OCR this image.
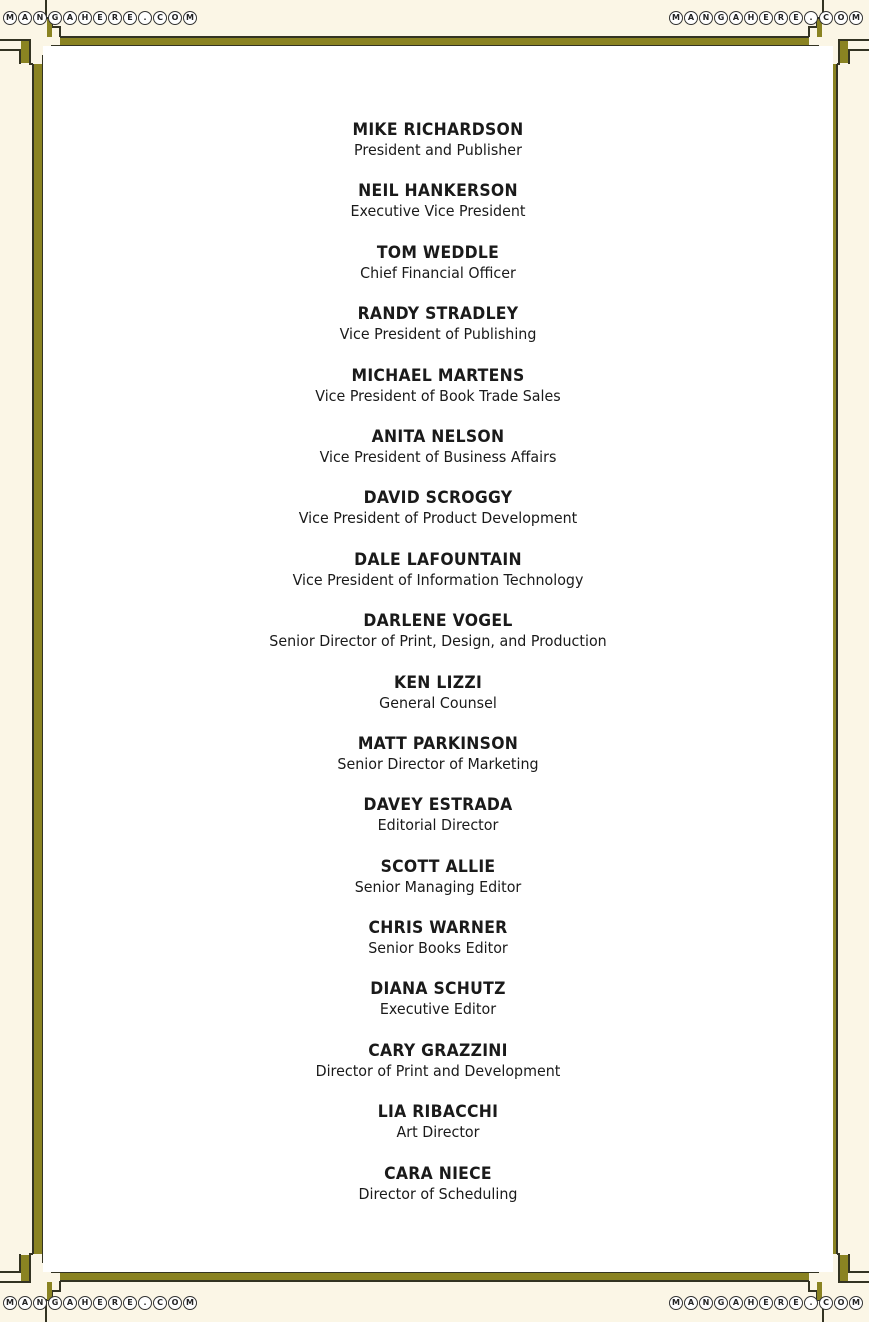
M A	N	G	A	H	E	R	E	.	C	O M	M A	N	G	A	H	E	R	E	.	C	O M
M A	N	G	A	H	E	R	E	.	C	O M	M A	N	G	A	H	E	R	E	.	C	O M
MIKE RICHARDSON
President and Publisher
NEIL HANKERSON
Executive Vice President
TOM WEDDLE
Chief Financial Officer
RANDY STRADLEY
Vice President of Publishing
MICHAEL MARTENS
Vice President of Book Trade Sales
ANITA NELSON
Vice President of Business Affairs
DAVID SCROGGY
Vice President of Product Development
DALE LAFOUNTAIN
Vice President of Information Technology
DARLENE VOGEL
Senior Director of Print, Design, and Production
KEN LIZZI
General Counsel
MATT PARKINSON
Senior Director of Marketing
DAVEY ESTRADA
Editorial Director
SCOTT ALLIE
Senior Managing Editor
CHRIS WARNER
Senior Books Editor
DIANA SCHUTZ
Executive Editor
CARY GRAZZINI
Director of Print and Development
LIA RIBACCHI
Art Director
CARA NIECE
Director of Scheduling
